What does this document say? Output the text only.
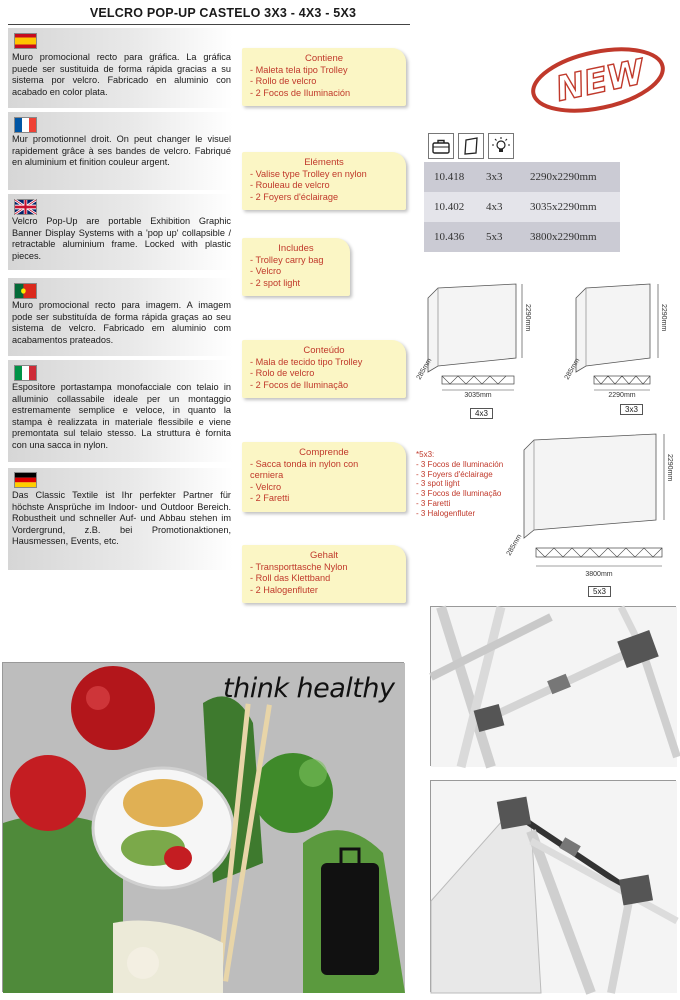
VELCRO POP-UP CASTELO 3X3 - 4X3 - 5X3
Muro promocional recto para gráfica. La gráfica puede ser sustituida de forma rápida gracias a su sistema por velcro. Fabricado en aluminio con acabado en color plata.
Mur promotionnel droit. On peut changer le visuel rapidement grâce à ses bandes de velcro. Fabriqué en aluminium et finition couleur argent.
Velcro Pop-Up are portable Exhibition Graphic Banner Display Systems with a 'pop up' collapsible / retractable aluminium frame. Locked with plastic pieces.
Muro promocional recto para imagem. A imagem pode ser substituída de forma rápida graças ao seu sistema de velcro. Fabricado em aluminio com acabamentos prateados.
Espositore portastampa monofacciale con telaio in alluminio collassabile ideale per un montaggio estremamente semplice e veloce, in quanto la stampa è realizzata in materiale flessibile e viene premontata sul telaio stesso. La struttura è fornita con una sacca in nylon.
Das Classic Textile ist Ihr perfekter Partner für höchste Ansprüche im Indoor- und Outdoor Bereich. Robustheit und schneller Auf- und Abbau stehen im Vordergrund, z.B. bei Promotionaktionen, Hausmessen, Events, etc.
Contiene
- Maleta tela tipo Trolley
- Rollo de velcro
- 2 Focos de Iluminación
Eléments
- Valise type Trolley en nylon
- Rouleau de velcro
- 2 Foyers d'éclairage
Includes
- Trolley carry bag
- Velcro
- 2 spot light
Conteúdo
- Mala de tecido tipo Trolley
- Rolo de velcro
- 2 Focos de Iluminação
Comprende
- Sacca tonda in nylon con
cerniera
- Velcro
- 2 Faretti
Gehalt
- Transporttasche Nylon
- Roll das Klettband
- 2 Halogenfluter
NEW
10.418	3x3	2290x2290mm
10.402	4x3	3035x2290mm
10.436	5x3	3800x2290mm
2290mm
285mm
3035mm
4x3
2290mm
285mm
2290mm
3x3
*5x3:
- 3 Focos de Iluminación
- 3 Foyers d'éclairage
- 3 spot light
- 3 Focos de Iluminação
- 3 Faretti
- 3 Halogenfluter
2290mm
285mm
3800mm
5x3
think healthy
